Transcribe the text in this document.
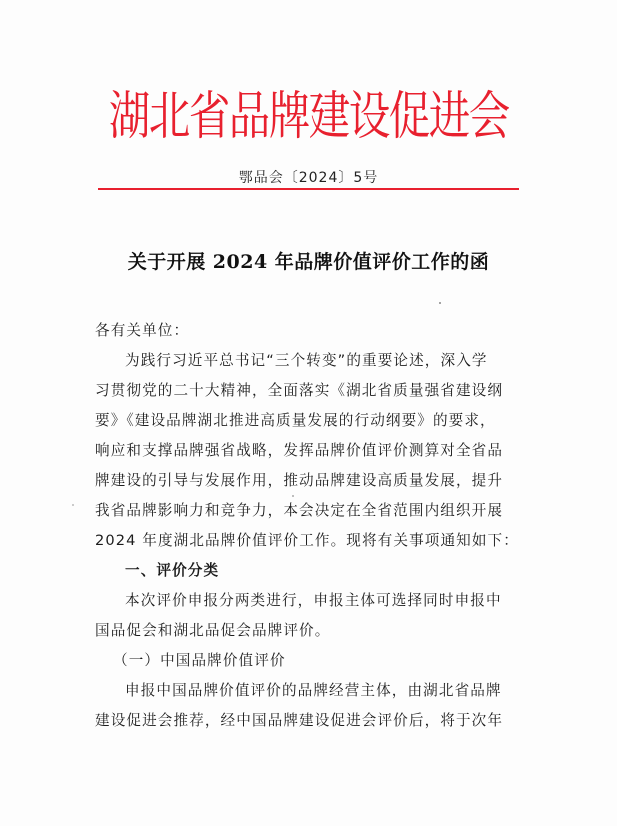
湖北省品牌建设促进会
鄂品会〔2024〕5号
关于开展 2024 年品牌价值评价工作的函
各有关单位：
为践行习近平总书记“三个转变”的重要论述，深入学
习贯彻党的二十大精神，全面落实《湖北省质量强省建设纲
要》《建设品牌湖北推进高质量发展的行动纲要》的要求，
响应和支撑品牌强省战略，发挥品牌价值评价测算对全省品
牌建设的引导与发展作用，推动品牌建设高质量发展，提升
我省品牌影响力和竞争力，本会决定在全省范围内组织开展
2024 年度湖北品牌价值评价工作。现将有关事项通知如下：
一、评价分类
本次评价申报分两类进行，申报主体可选择同时申报中
国品促会和湖北品促会品牌评价。
（一）中国品牌价值评价
申报中国品牌价值评价的品牌经营主体，由湖北省品牌
建设促进会推荐，经中国品牌建设促进会评价后，将于次年
